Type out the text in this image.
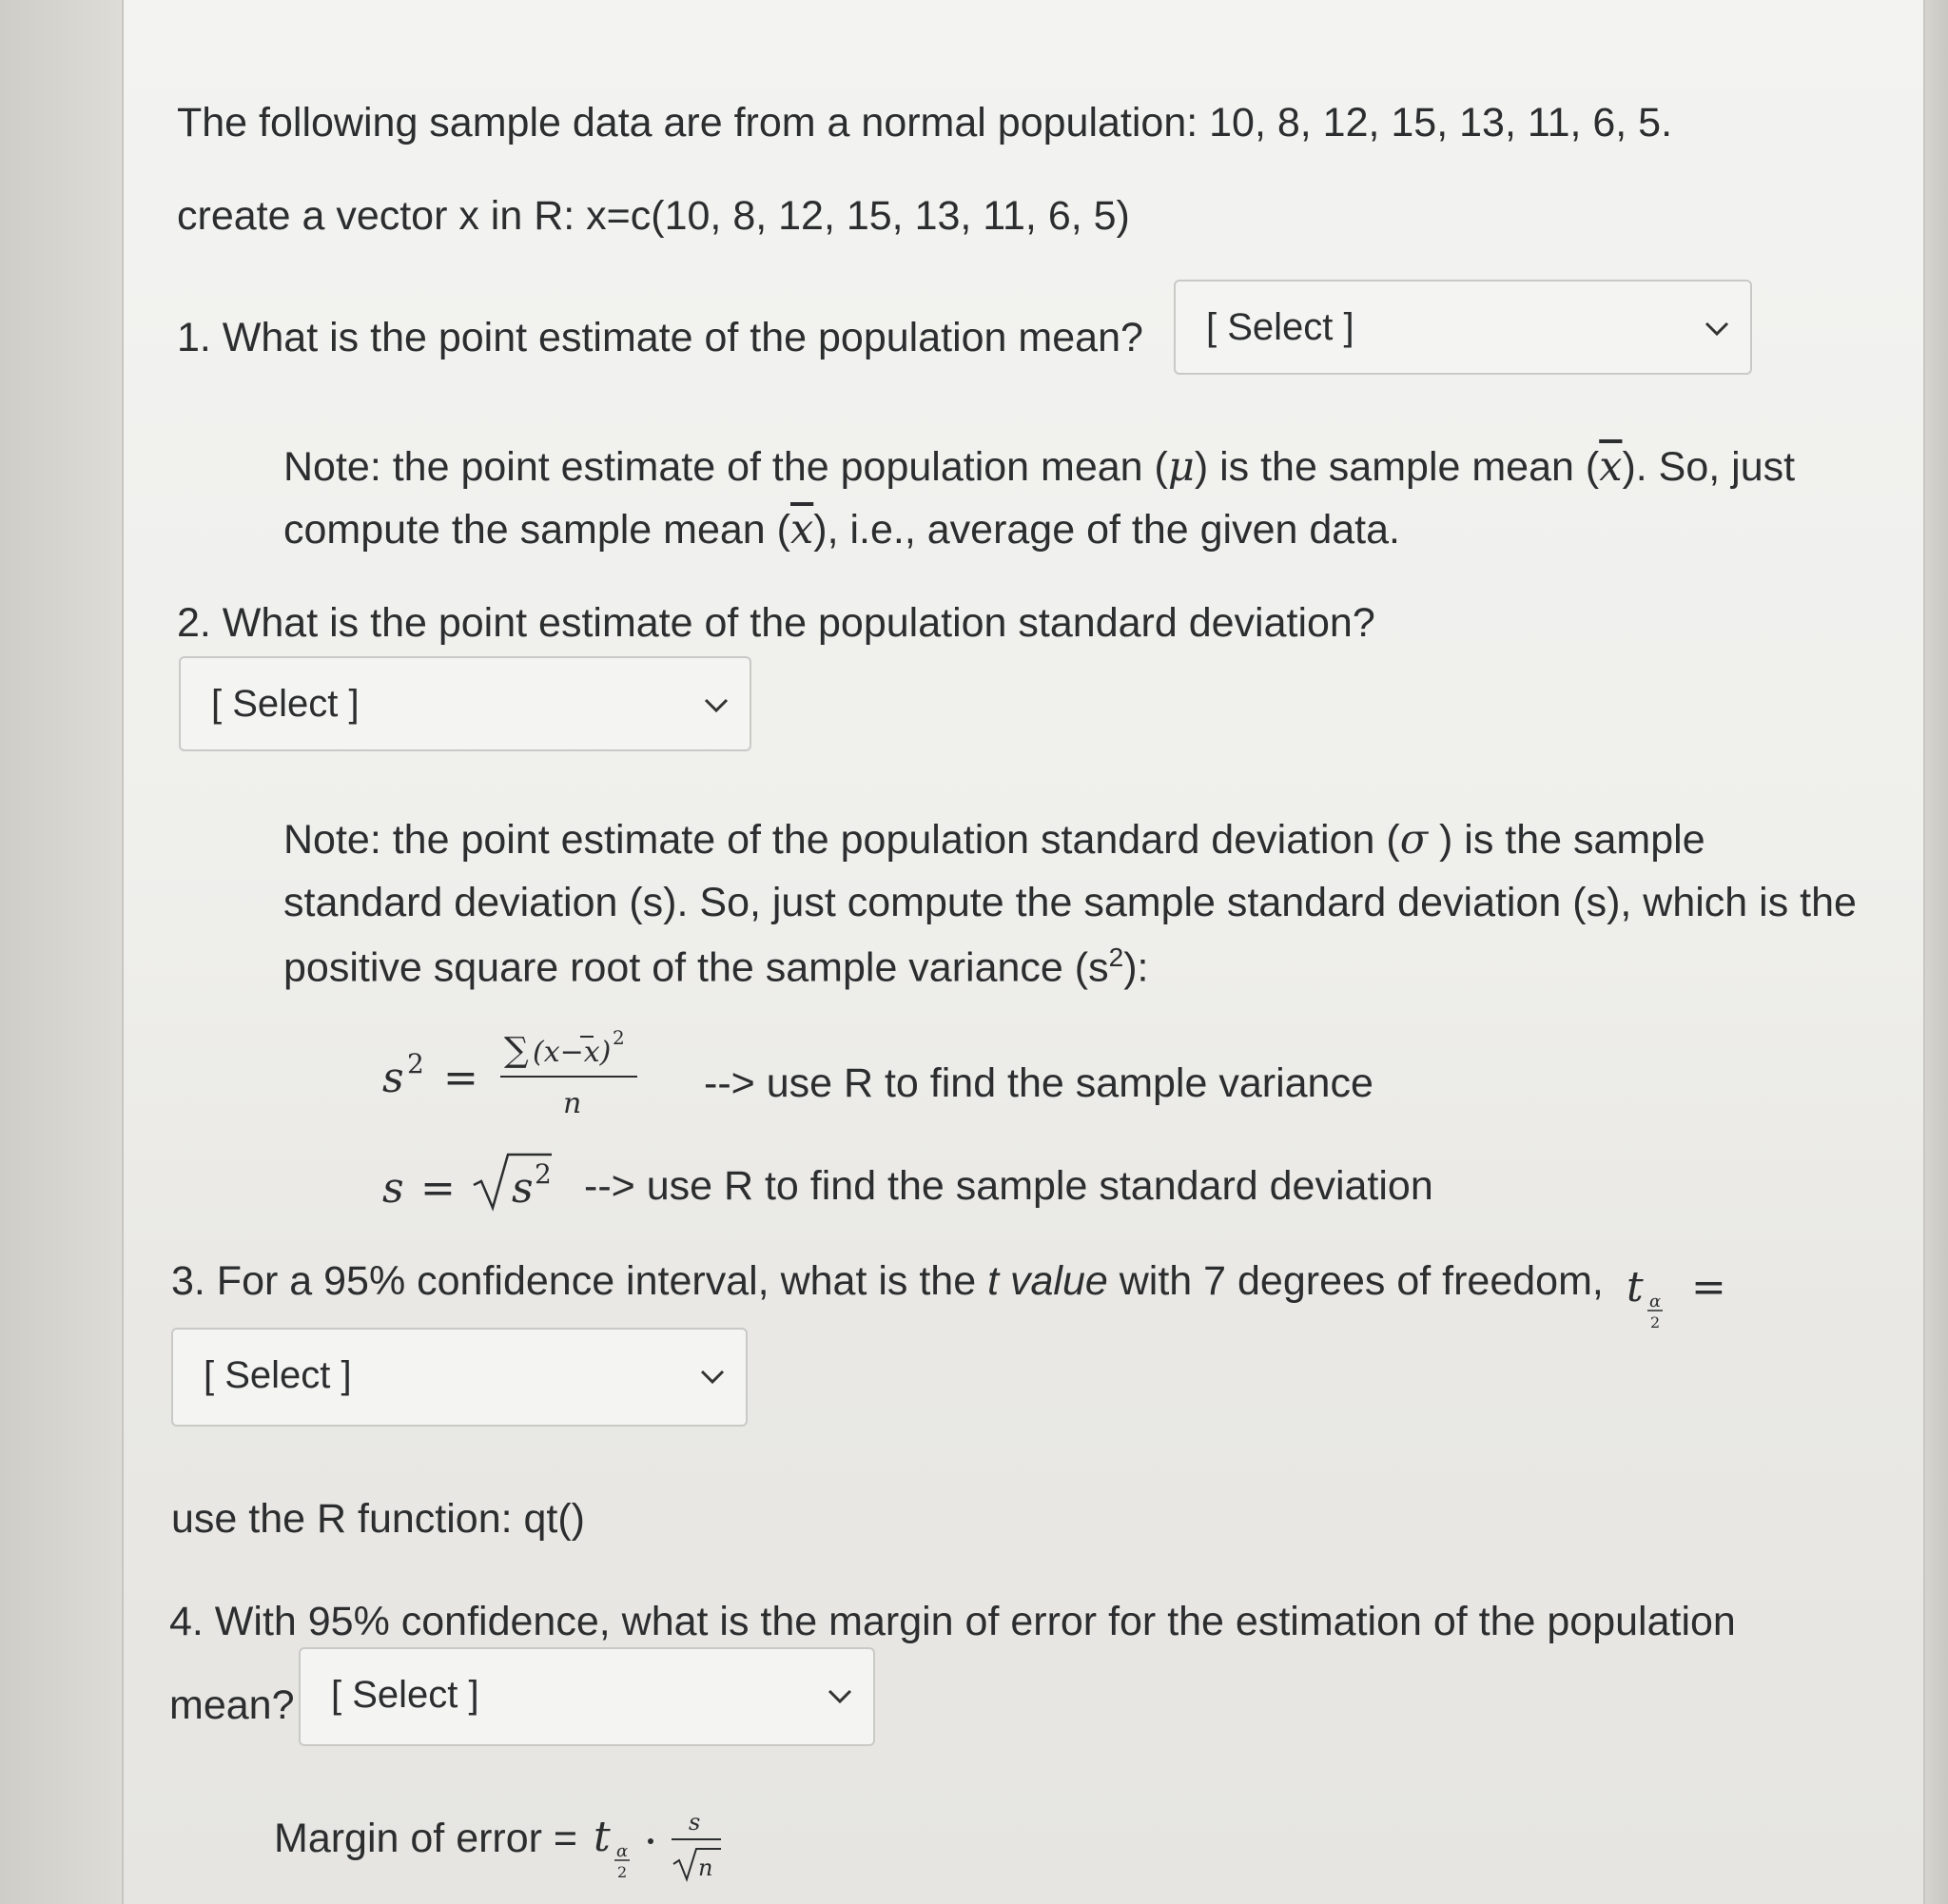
The following sample data are from a normal population: 10, 8, 12, 15, 13, 11, 6, 5.
create a vector x in R: x=c(10, 8, 12, 15, 13, 11, 6, 5)
1. What is the point estimate of the population mean? [ Select ]
Note: the point estimate of the population mean (μ) is the sample mean $(\overline{x})$. So, just
compute the sample mean $(\overline{x})$, i.e., average of the given data.
2. What is the point estimate of the population standard deviation?
[ Select ]
Note: the point estimate of the population standard deviation (σ ) is the sample
standard deviation (s). So, just compute the sample standard deviation (s), which is the
positive square root of the sample variance $(s^2)$:
s 2 =
∑ (x−x) 2
n	--> use R to find the sample variance
s = s 2 --> use R to find the sample standard deviation
3. For a 95% confidence interval, what is the t value with 7 degrees of freedom, t α
2
=
[ Select ]
use the R function: qt()
4. With 95% confidence, what is the margin of error for the estimation of the population
mean? [ Select ]
Margin of error = t α
2
s
n
